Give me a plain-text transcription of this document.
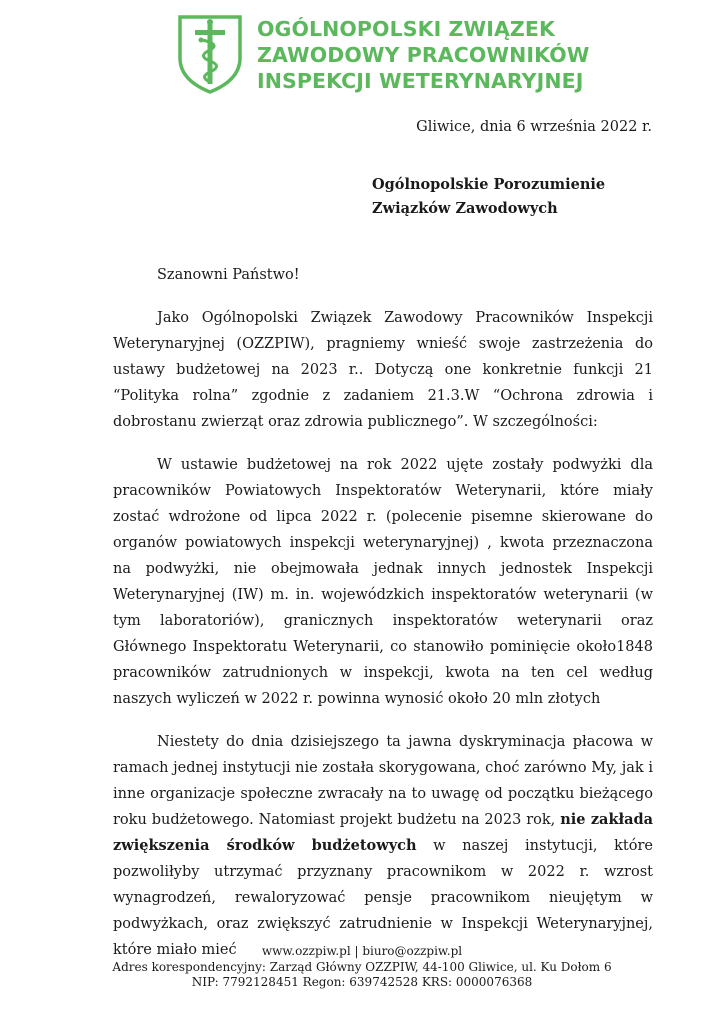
OGÓLNOPOLSKI ZWIĄZEK
ZAWODOWY PRACOWNIKÓW
INSPEKCJI WETERYNARYJNEJ
Gliwice, dnia 6 września 2022 r.
Ogólnopolskie Porozumienie
Związków Zawodowych

Szanowni Państwo!

Jako Ogólnopolski Związek Zawodowy Pracowników Inspekcji Weterynaryjnej (OZZPIW), pragniemy wnieść swoje zastrzeżenia do ustawy budżetowej na 2023 r.. Dotyczą one konkretnie funkcji 21 “Polityka rolna” zgodnie z zadaniem 21.3.W “Ochrona zdrowia i dobrostanu zwierząt oraz zdrowia publicznego”. W szczególności:

W ustawie budżetowej na rok 2022 ujęte zostały podwyżki dla pracowników Powiatowych Inspektoratów Weterynarii, które miały zostać wdrożone od lipca 2022 r. (polecenie pisemne skierowane do organów powiatowych inspekcji weterynaryjnej) , kwota przeznaczona na podwyżki, nie obejmowała jednak innych jednostek Inspekcji Weterynaryjnej (IW) m. in. wojewódzkich inspektoratów weterynarii (w tym laboratoriów), granicznych inspektoratów weterynarii oraz Głównego Inspektoratu Weterynarii, co stanowiło pominięcie około1848 pracowników zatrudnionych w inspekcji, kwota na ten cel według naszych wyliczeń w 2022 r. powinna wynosić około 20 mln złotych

Niestety do dnia dzisiejszego ta jawna dyskryminacja płacowa w ramach jednej instytucji nie została skorygowana, choć zarówno My, jak i inne organizacje społeczne zwracały na to uwagę od początku bieżącego roku budżetowego. Natomiast projekt budżetu na 2023 rok, nie zakłada zwiększenia środków budżetowych w naszej instytucji, które pozwoliłyby utrzymać przyznany pracownikom w 2022 r. wzrost wynagrodzeń, rewaloryzować pensje pracownikom nieujętym w podwyżkach, oraz zwiększyć zatrudnienie w Inspekcji Weterynaryjnej, które miało mieć	www.ozzpiw.pl | biuro@ozzpiw.pl
Adres korespondencyjny: Zarząd Główny OZZPIW, 44-100 Gliwice, ul. Ku Dołom 6
NIP: 7792128451 Regon: 639742528 KRS: 0000076368
